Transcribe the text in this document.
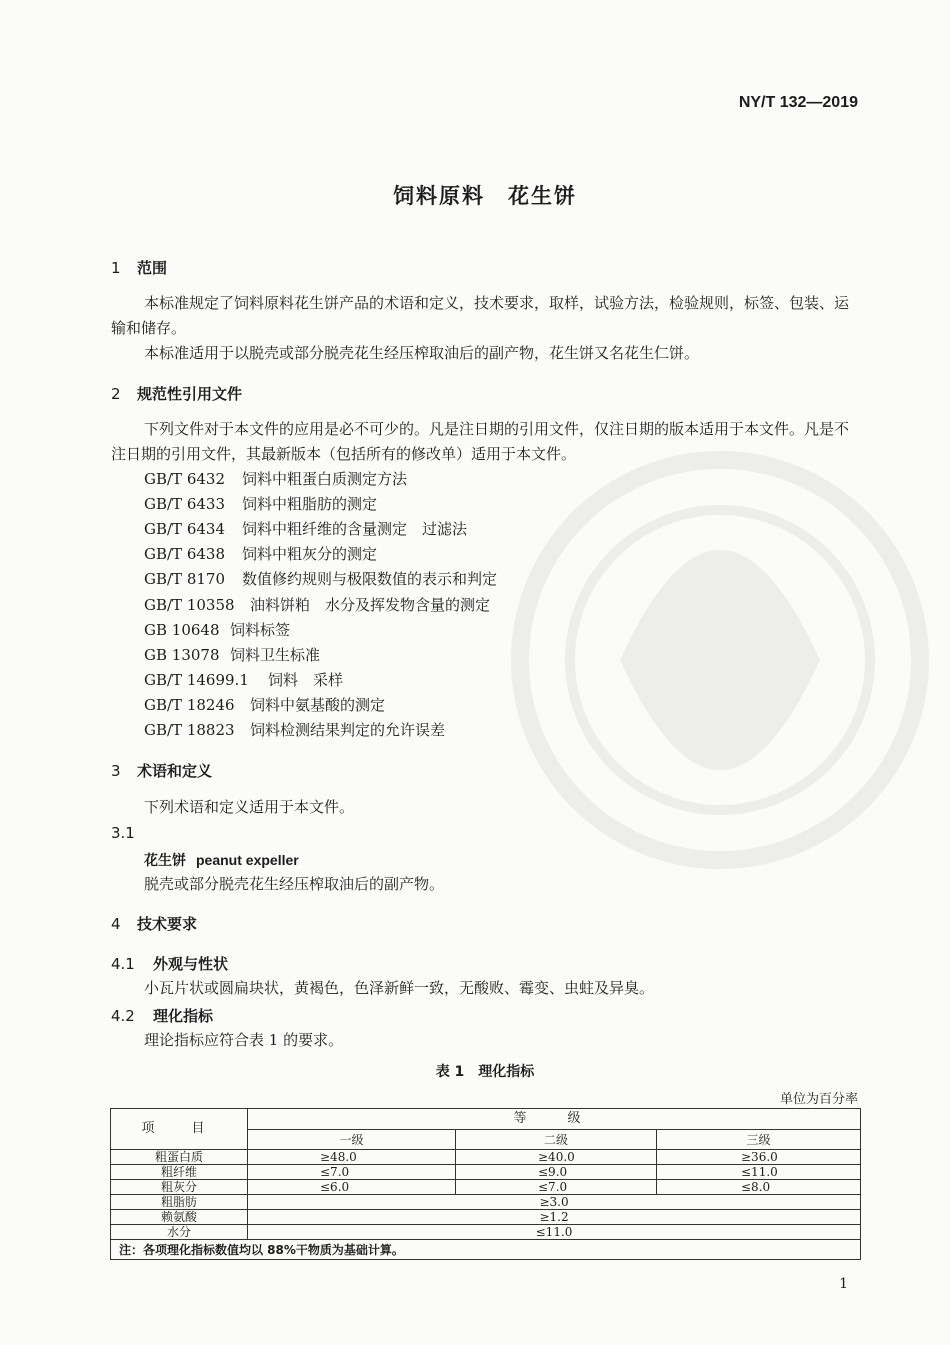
NY/T 132—2019
饲料原料　花生饼
1 范围
本标准规定了饲料原料花生饼产品的术语和定义，技术要求，取样，试验方法，检验规则，标签、包装、运输和储存。
本标准适用于以脱壳或部分脱壳花生经压榨取油后的副产物，花生饼又名花生仁饼。
2 规范性引用文件
下列文件对于本文件的应用是必不可少的。凡是注日期的引用文件，仅注日期的版本适用于本文件。凡是不注日期的引用文件，其最新版本（包括所有的修改单）适用于本文件。
GB/T 6432 饲料中粗蛋白质测定方法
GB/T 6433 饲料中粗脂肪的测定
GB/T 6434 饲料中粗纤维的含量测定　过滤法
GB/T 6438 饲料中粗灰分的测定
GB/T 8170 数值修约规则与极限数值的表示和判定
GB/T 10358 油料饼粕　水分及挥发物含量的测定
GB 10648 饲料标签
GB 13078 饲料卫生标准
GB/T 14699.1 饲料　采样
GB/T 18246 饲料中氨基酸的测定
GB/T 18823 饲料检测结果判定的允许误差
3 术语和定义
下列术语和定义适用于本文件。
3.1
花生饼 peanut expeller
脱壳或部分脱壳花生经压榨取油后的副产物。
4 技术要求
4.1 外观与性状
小瓦片状或圆扁块状，黄褐色，色泽新鲜一致，无酸败、霉变、虫蛀及异臭。
4.2 理化指标
理论指标应符合表 1 的要求。
表 1　理化指标
单位为百分率
项　目	等　级		
	一级	二级	三级
粗蛋白质	≥48.0	≥40.0	≥36.0
粗纤维	≤7.0	≤9.0	≤11.0
粗灰分	≤6.0	≤7.0	≤8.0
粗脂肪	≥3.0		
赖氨酸	≥1.2		
水分	≤11.0		
注：各项理化指标数值均以 88%干物质为基础计算。			
1
